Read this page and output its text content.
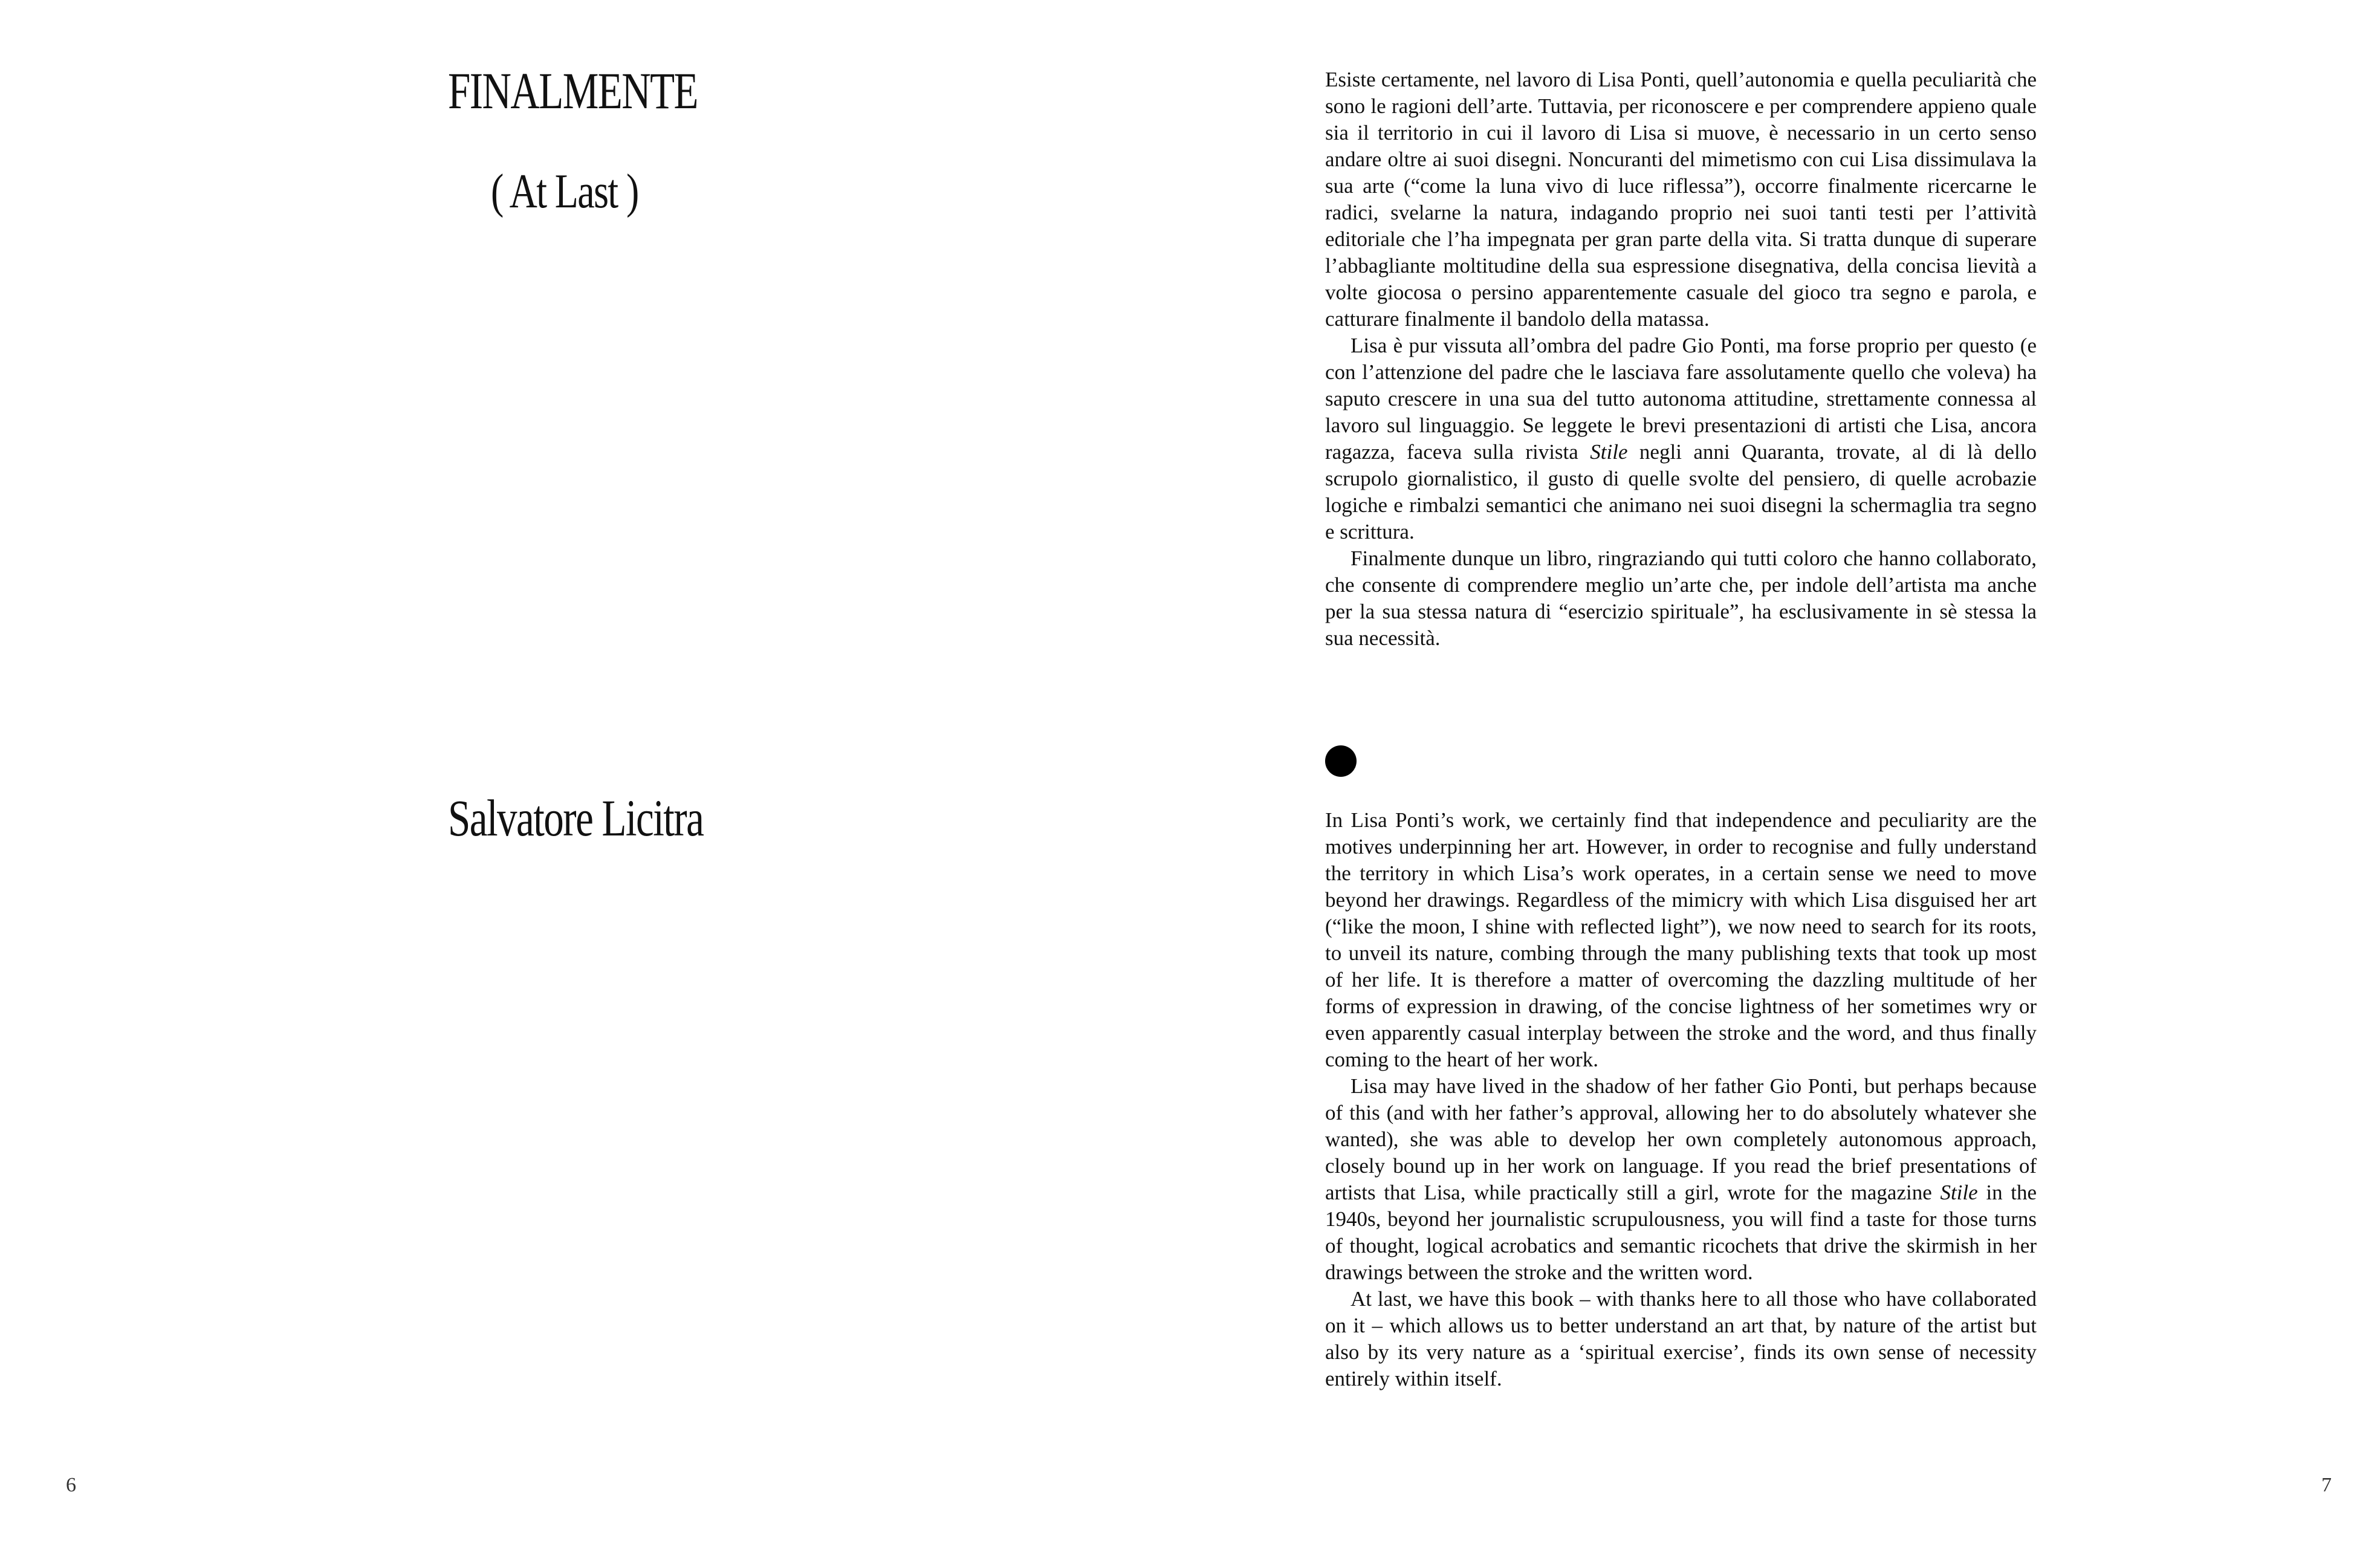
FINALMENTE
( At Last )
Salvatore Licitra

Esiste certamente, nel lavoro di Lisa Ponti, quell’autonomia e quella peculiarità che sono le ragioni dell’arte. Tuttavia, per riconoscere e per comprendere appieno quale sia il territorio in cui il lavoro di Lisa si muove, è necessario in un certo senso andare oltre ai suoi disegni. Noncuranti del mimetismo con cui Lisa dissimulava la sua arte (“come la luna vivo di luce riflessa”), occorre finalmente ricercarne le radici, svelarne la natura, indagando proprio nei suoi tanti testi per l’attività editoriale che l’ha impegnata per gran parte della vita. Si tratta dunque di superare l’abbagliante moltitudine della sua espressione disegnativa, della concisa lievità a volte giocosa o persino apparentemente casuale del gioco tra segno e parola, e catturare finalmente il bandolo della matassa.

Lisa è pur vissuta all’ombra del padre Gio Ponti, ma forse proprio per questo (e con l’attenzione del padre che le lasciava fare assolutamente quello che voleva) ha saputo crescere in una sua del tutto autonoma attitudine, strettamente connessa al lavoro sul linguaggio. Se leggete le brevi presentazioni di artisti che Lisa, ancora ragazza, faceva sulla rivista Stile negli anni Quaranta, trovate, al di là dello scrupolo giornalistico, il gusto di quelle svolte del pensiero, di quelle acrobazie logiche e rimbalzi semantici che animano nei suoi disegni la schermaglia tra segno e scrittura.

Finalmente dunque un libro, ringraziando qui tutti coloro che hanno collaborato, che consente di comprendere meglio un’arte che, per indole dell’artista ma anche per la sua stessa natura di “esercizio spirituale”, ha esclusivamente in sè stessa la sua necessità.

In Lisa Ponti’s work, we certainly find that independence and peculiarity are the motives underpinning her art. However, in order to recognise and fully understand the territory in which Lisa’s work operates, in a certain sense we need to move beyond her drawings. Regardless of the mimicry with which Lisa disguised her art (“like the moon, I shine with reflected light”), we now need to search for its roots, to unveil its nature, combing through the many publishing texts that took up most of her life. It is therefore a matter of overcoming the dazzling multitude of her forms of expression in drawing, of the concise lightness of her sometimes wry or even apparently casual interplay between the stroke and the word, and thus finally coming to the heart of her work.

Lisa may have lived in the shadow of her father Gio Ponti, but perhaps because of this (and with her father’s approval, allowing her to do absolutely whatever she wanted), she was able to develop her own completely autonomous approach, closely bound up in her work on language. If you read the brief presentations of artists that Lisa, while practically still a girl, wrote for the magazine Stile in the 1940s, beyond her journalistic scrupulousness, you will find a taste for those turns of thought, logical acrobatics and semantic ricochets that drive the skirmish in her drawings between the stroke and the written word.

At last, we have this book – with thanks here to all those who have collaborated on it – which allows us to better understand an art that, by nature of the artist but also by its very nature as a ‘spiritual exercise’, finds its own sense of necessity entirely within itself.

6	7
